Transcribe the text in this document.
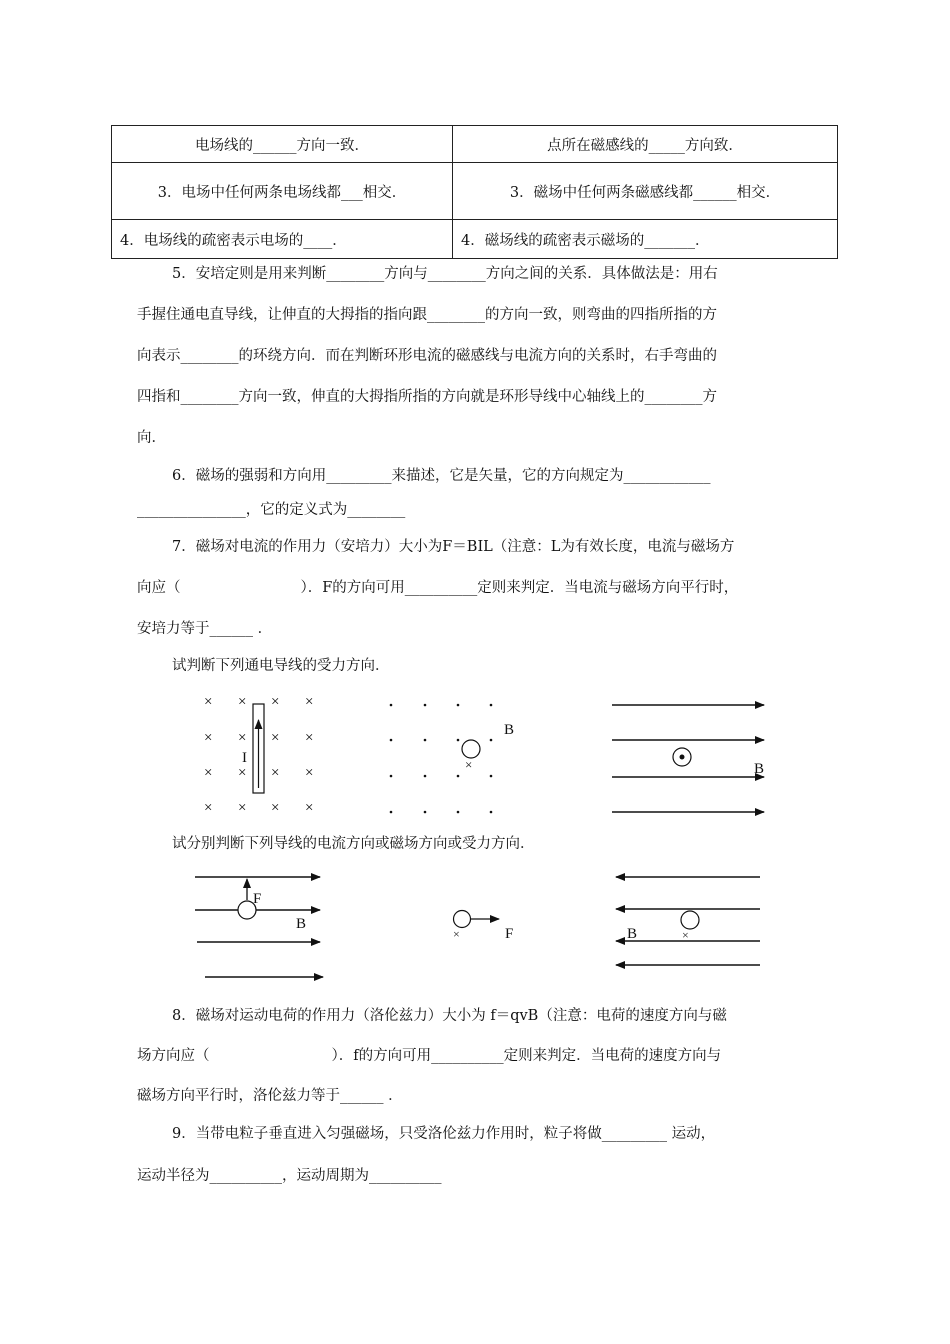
电场线的______方向一致．	点所在磁感线的_____方向致．
3．电场中任何两条电场线都___相交．	3．磁场中任何两条磁感线都______相交．
4．电场线的疏密表示电场的____．	4．磁场线的疏密表示磁场的_______．
5．安培定则是用来判断________方向与________方向之间的关系．具体做法是：用右
手握住通电直导线，让伸直的大拇指的指向跟________的方向一致，则弯曲的四指所指的方
向表示________的环绕方向．而在判断环形电流的磁感线与电流方向的关系时，右手弯曲的
四指和________方向一致，伸直的大拇指所指的方向就是环形导线中心轴线上的________方
向．
6．磁场的强弱和方向用_________来描述，它是矢量，它的方向规定为____________
_______________，它的定义式为________
7．磁场对电流的作用力（安培力）大小为F＝BIL（注意：L为有效长度，电流与磁场方
向应（	）．F的方向可用__________定则来判定．当电流与磁场方向平行时，
安培力等于______ ．
试判断下列通电导线的受力方向．
试分别判断下列导线的电流方向或磁场方向或受力方向．
8．磁场对运动电荷的作用力（洛伦兹力）大小为 f＝qvB（注意：电荷的速度方向与磁
场方向应（	）．f的方向可用__________定则来判定．当电荷的速度方向与
磁场方向平行时，洛伦兹力等于______ ．
9．当带电粒子垂直进入匀强磁场，只受洛伦兹力作用时，粒子将做_________ 运动，
运动半径为__________，运动周期为__________
× × × ×
× × × ×
× × × ×
× × × ×
I	×
B
B
F
B
×	F	×
B
